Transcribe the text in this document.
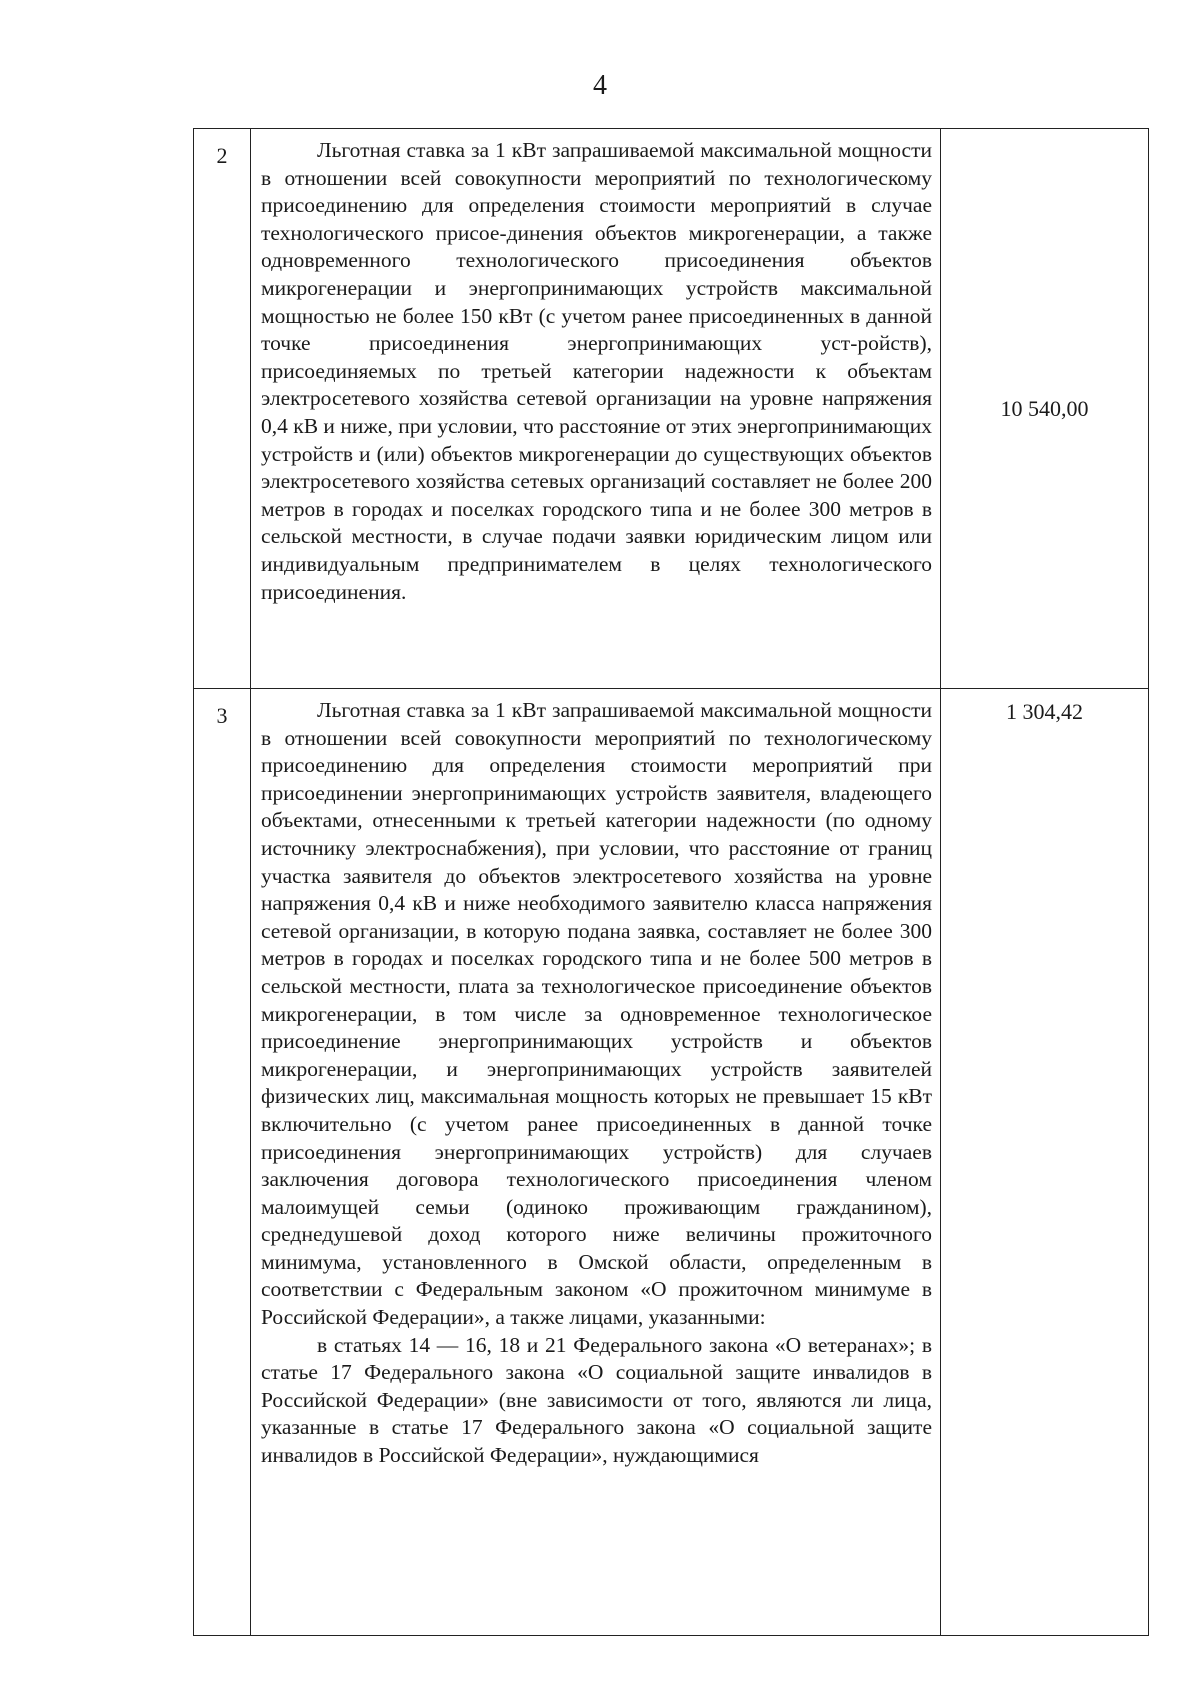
4
2	Льготная ставка за 1 кВт запрашиваемой максимальной мощности в отношении всей совокупности мероприятий по технологическому присоединению для определения стоимости мероприятий в случае технологического присое-динения объектов микрогенерации, а также одновременного технологического присоединения объектов микрогенерации и энергопринимающих устройств максимальной мощностью не более 150 кВт (с учетом ранее присоединенных в данной точке присоединения энергопринимающих уст-ройств), присоединяемых по третьей категории надежности к объектам электросетевого хозяйства сетевой организации на уровне напряжения 0,4 кВ и ниже, при условии, что расстояние от этих энергопринимающих устройств и (или) объектов микрогенерации до существующих объектов электросетевого хозяйства сетевых организаций составляет не более 200 метров в городах и поселках городского типа и не более 300 метров в сельской местности, в случае подачи заявки юридическим лицом или индивидуальным предпринимателем в целях технологического присоединения.	10 540,00
3	Льготная ставка за 1 кВт запрашиваемой максимальной мощности в отношении всей совокупности мероприятий по технологическому присоединению для определения стоимости мероприятий при присоединении энергопринимающих устройств заявителя, владеющего объектами, отнесенными к третьей категории надежности (по одному источнику электроснабжения), при условии, что расстояние от границ участка заявителя до объектов электросетевого хозяйства на уровне напряжения 0,4 кВ и ниже необходимого заявителю класса напряжения сетевой организации, в которую подана заявка, составляет не более 300 метров в городах и поселках городского типа и не более 500 метров в сельской местности, плата за технологическое присоединение объектов микрогенерации, в том числе за одновременное технологическое присоединение энергопринимающих устройств и объектов микрогенерации, и энергопринимающих устройств заявителей физических лиц, максимальная мощность которых не превышает 15 кВт включительно (с учетом ранее присоединенных в данной точке присоединения энергопринимающих устройств) для случаев заключения договора технологического присоединения членом малоимущей семьи (одиноко проживающим гражданином), среднедушевой доход которого ниже величины прожиточного минимума, установленного в Омской области, определенным в соответствии с Федеральным законом «О прожиточном минимуме в Российской Федерации», а также лицами, указанными:

в статьях 14 — 16, 18 и 21 Федерального закона «О ветеранах»; в статье 17 Федерального закона «О социальной защите инвалидов в Российской Федерации» (вне зависимости от того, являются ли лица, указанные в статье 17 Федерального закона «О социальной защите инвалидов в Российской Федерации», нуждающимися	1 304,42
